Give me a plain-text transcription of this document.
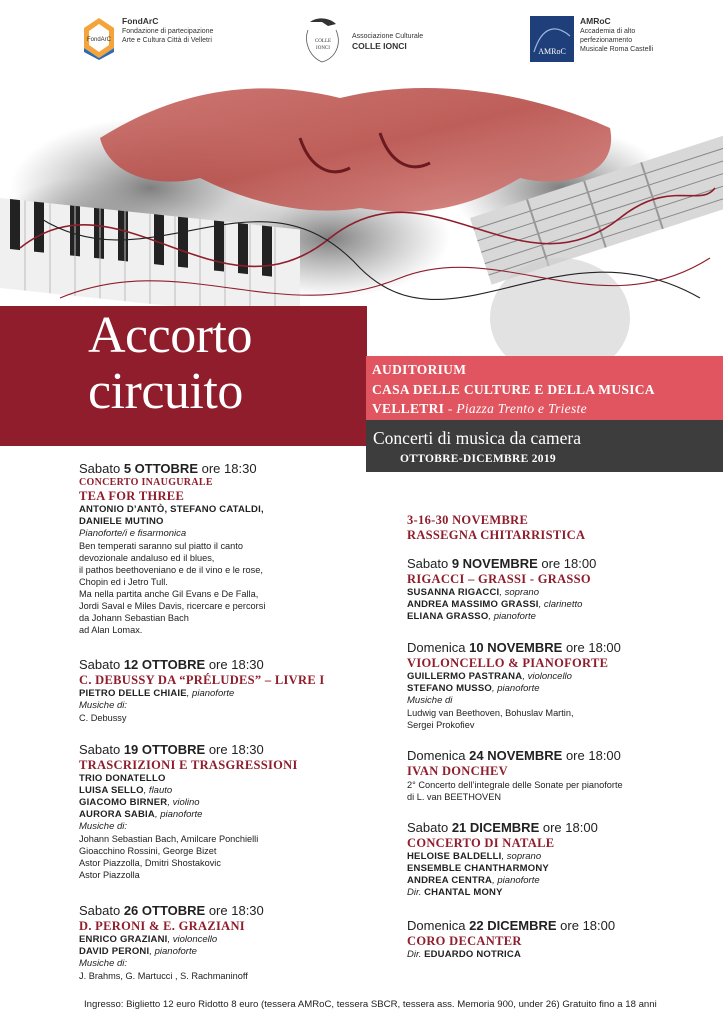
FondArC
FondArC
Fondazione di partecipazione
Arte e Cultura Città di Velletri	COLLE
IONCI
Associazione Culturale
COLLE IONCI
AMRoC
AMRoC
Accademia di alto
perfezionamento
Musicale Roma Castelli
Accorto
circuito	AUDITORIUM
CASA DELLE CULTURE E DELLA MUSICA
VELLETRI - Piazza Trento e Trieste
Concerti di musica da camera
OTTOBRE-DICEMBRE 2019
Sabato 5 OTTOBRE ore 18:30
CONCERTO INAUGURALE
TEA FOR THREE
ANTONIO D’ANTÒ, STEFANO CATALDI,
DANIELE MUTINO
Pianoforte/i e fisarmonica
Ben temperati saranno sul piatto il canto
devozionale andaluso ed il blues,
il pathos beethoveniano e de il vino e le rose,
Chopin ed i Jetro Tull.
Ma nella partita anche Gil Evans e De Falla,
Jordi Saval e Miles Davis, ricercare e percorsi
da Johann Sebastian Bach
ad Alan Lomax.
Sabato 12 OTTOBRE ore 18:30
C. DEBUSSY DA “PRÉLUDES” – LIVRE I
PIETRO DELLE CHIAIE, pianoforte
Musiche di:
C. Debussy
Sabato 19 OTTOBRE ore 18:30
TRASCRIZIONI E TRASGRESSIONI
TRIO DONATELLO
LUISA SELLO, flauto
GIACOMO BIRNER, violino
AURORA SABIA, pianoforte
Musiche di:
Johann Sebastian Bach, Amilcare Ponchielli
Gioacchino Rossini, George Bizet
Astor Piazzolla, Dmitri Shostakovic
Astor Piazzolla
Sabato 26 OTTOBRE ore 18:30
D. PERONI & E. GRAZIANI
ENRICO GRAZIANI, violoncello
DAVID PERONI, pianoforte
Musiche di:
J. Brahms, G. Martucci , S. Rachmaninoff
3-16-30 NOVEMBRE
RASSEGNA CHITARRISTICA
Sabato 9 NOVEMBRE ore 18:00
RIGACCI – GRASSI - GRASSO
SUSANNA RIGACCI, soprano
ANDREA MASSIMO GRASSI, clarinetto
ELIANA GRASSO, pianoforte
Domenica 10 NOVEMBRE ore 18:00
VIOLONCELLO & PIANOFORTE
GUILLERMO PASTRANA, violoncello
STEFANO MUSSO, pianoforte
Musiche di
Ludwig van Beethoven, Bohuslav Martin,
Sergei Prokofiev
Domenica 24 NOVEMBRE ore 18:00
IVAN DONCHEV
2° Concerto dell’integrale delle Sonate per pianoforte
di L. van BEETHOVEN
Sabato 21 DICEMBRE ore 18:00
CONCERTO DI NATALE
HELOISE BALDELLI, soprano
ENSEMBLE CHANTHARMONY
ANDREA CENTRA, pianoforte
Dir. CHANTAL MONY
Domenica 22 DICEMBRE ore 18:00
CORO DECANTER
Dir. EDUARDO NOTRICA
Ingresso: Biglietto 12 euro Ridotto 8 euro (tessera AMRoC, tessera SBCR, tessera ass. Memoria 900, under 26) Gratuito fino a 18 anni
